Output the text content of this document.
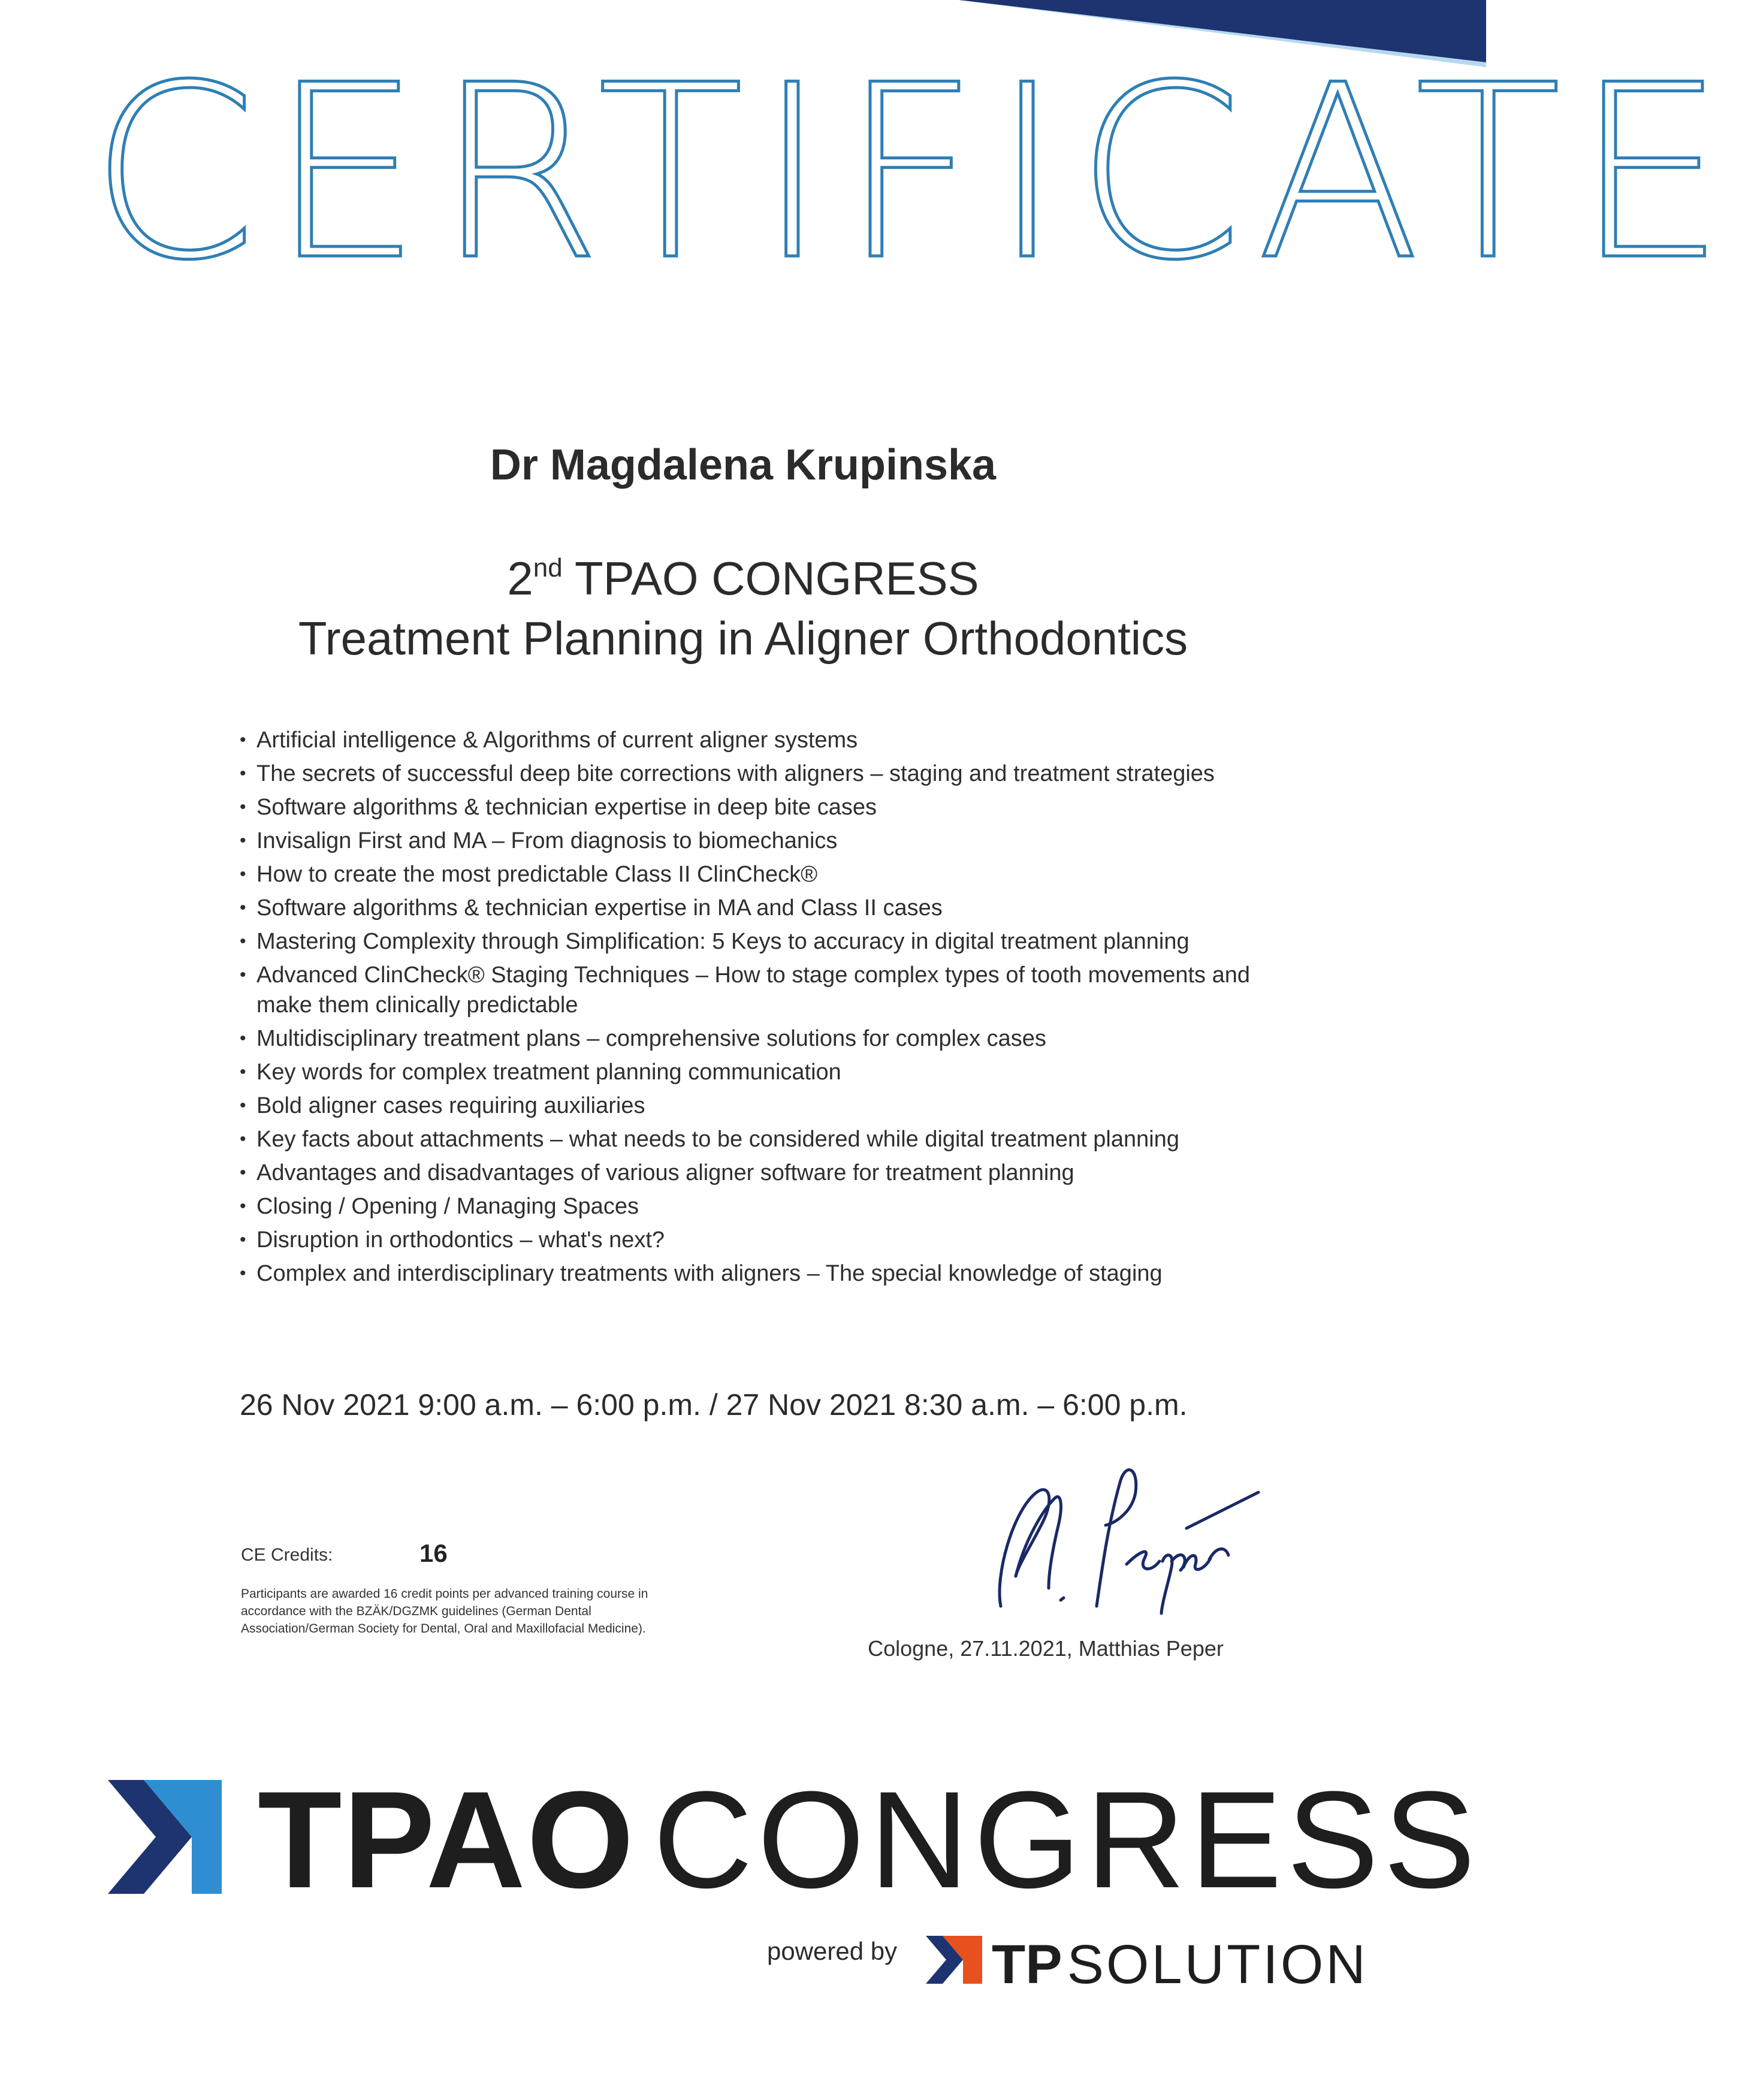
CERTIFICATE
Dr Magdalena Krupinska
2nd TPAO CONGRESS
Treatment Planning in Aligner Orthodontics
• Artificial intelligence & Algorithms of current aligner systems
• The secrets of successful deep bite corrections with aligners – staging and treatment strategies
• Software algorithms & technician expertise in deep bite cases
• Invisalign First and MA – From diagnosis to biomechanics
• How to create the most predictable Class II ClinCheck®
• Software algorithms & technician expertise in MA and Class II cases
• Mastering Complexity through Simplification: 5 Keys to accuracy in digital treatment planning
• Advanced ClinCheck® Staging Techniques – How to stage complex types of tooth movements and make them clinically predictable
• Multidisciplinary treatment plans – comprehensive solutions for complex cases
• Key words for complex treatment planning communication
• Bold aligner cases requiring auxiliaries
• Key facts about attachments – what needs to be considered while digital treatment planning
• Advantages and disadvantages of various aligner software for treatment planning
• Closing / Opening / Managing Spaces
• Disruption in orthodontics – what's next?
• Complex and interdisciplinary treatments with aligners – The special knowledge of staging
26 Nov 2021 9:00 a.m. – 6:00 p.m. / 27 Nov 2021 8:30 a.m. – 6:00 p.m.
CE Credits:	16

Participants are awarded 16 credit points per advanced training course in accordance with the BZÄK/DGZMK guidelines (German Dental Association/German Society for Dental, Oral and Maxillofacial Medicine).

Cologne, 27.11.2021, Matthias Peper
TPAO CONGRESS
powered by TPSOLUTION
